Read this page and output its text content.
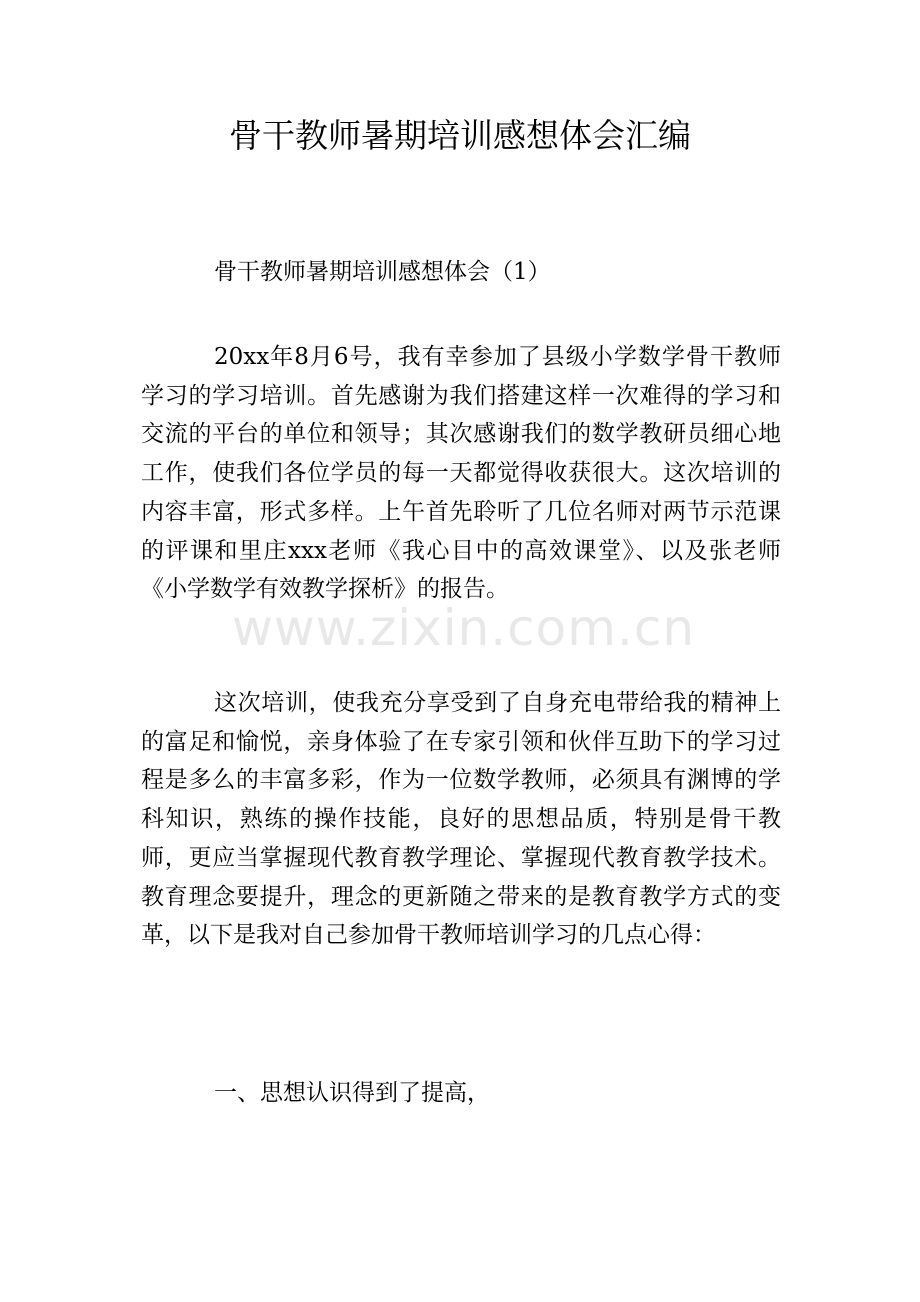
骨干教师暑期培训感想体会汇编

骨干教师暑期培训感想体会（1）

20xx年8月6号，我有幸参加了县级小学数学骨干教师学习的学习培训。首先感谢为我们搭建这样一次难得的学习和交流的平台的单位和领导；其次感谢我们的数学教研员细心地工作，使我们各位学员的每一天都觉得收获很大。这次培训的内容丰富，形式多样。上午首先聆听了几位名师对两节示范课的评课和里庄xxx老师《我心目中的高效课堂》、以及张老师《小学数学有效教学探析》的报告。

www.zixin.com.cn

这次培训，使我充分享受到了自身充电带给我的精神上的富足和愉悦，亲身体验了在专家引领和伙伴互助下的学习过程是多么的丰富多彩，作为一位数学教师，必须具有渊博的学科知识，熟练的操作技能，良好的思想品质，特别是骨干教师，更应当掌握现代教育教学理论、掌握现代教育教学技术。教育理念要提升，理念的更新随之带来的是教育教学方式的变革，以下是我对自己参加骨干教师培训学习的几点心得：

一、思想认识得到了提高，
